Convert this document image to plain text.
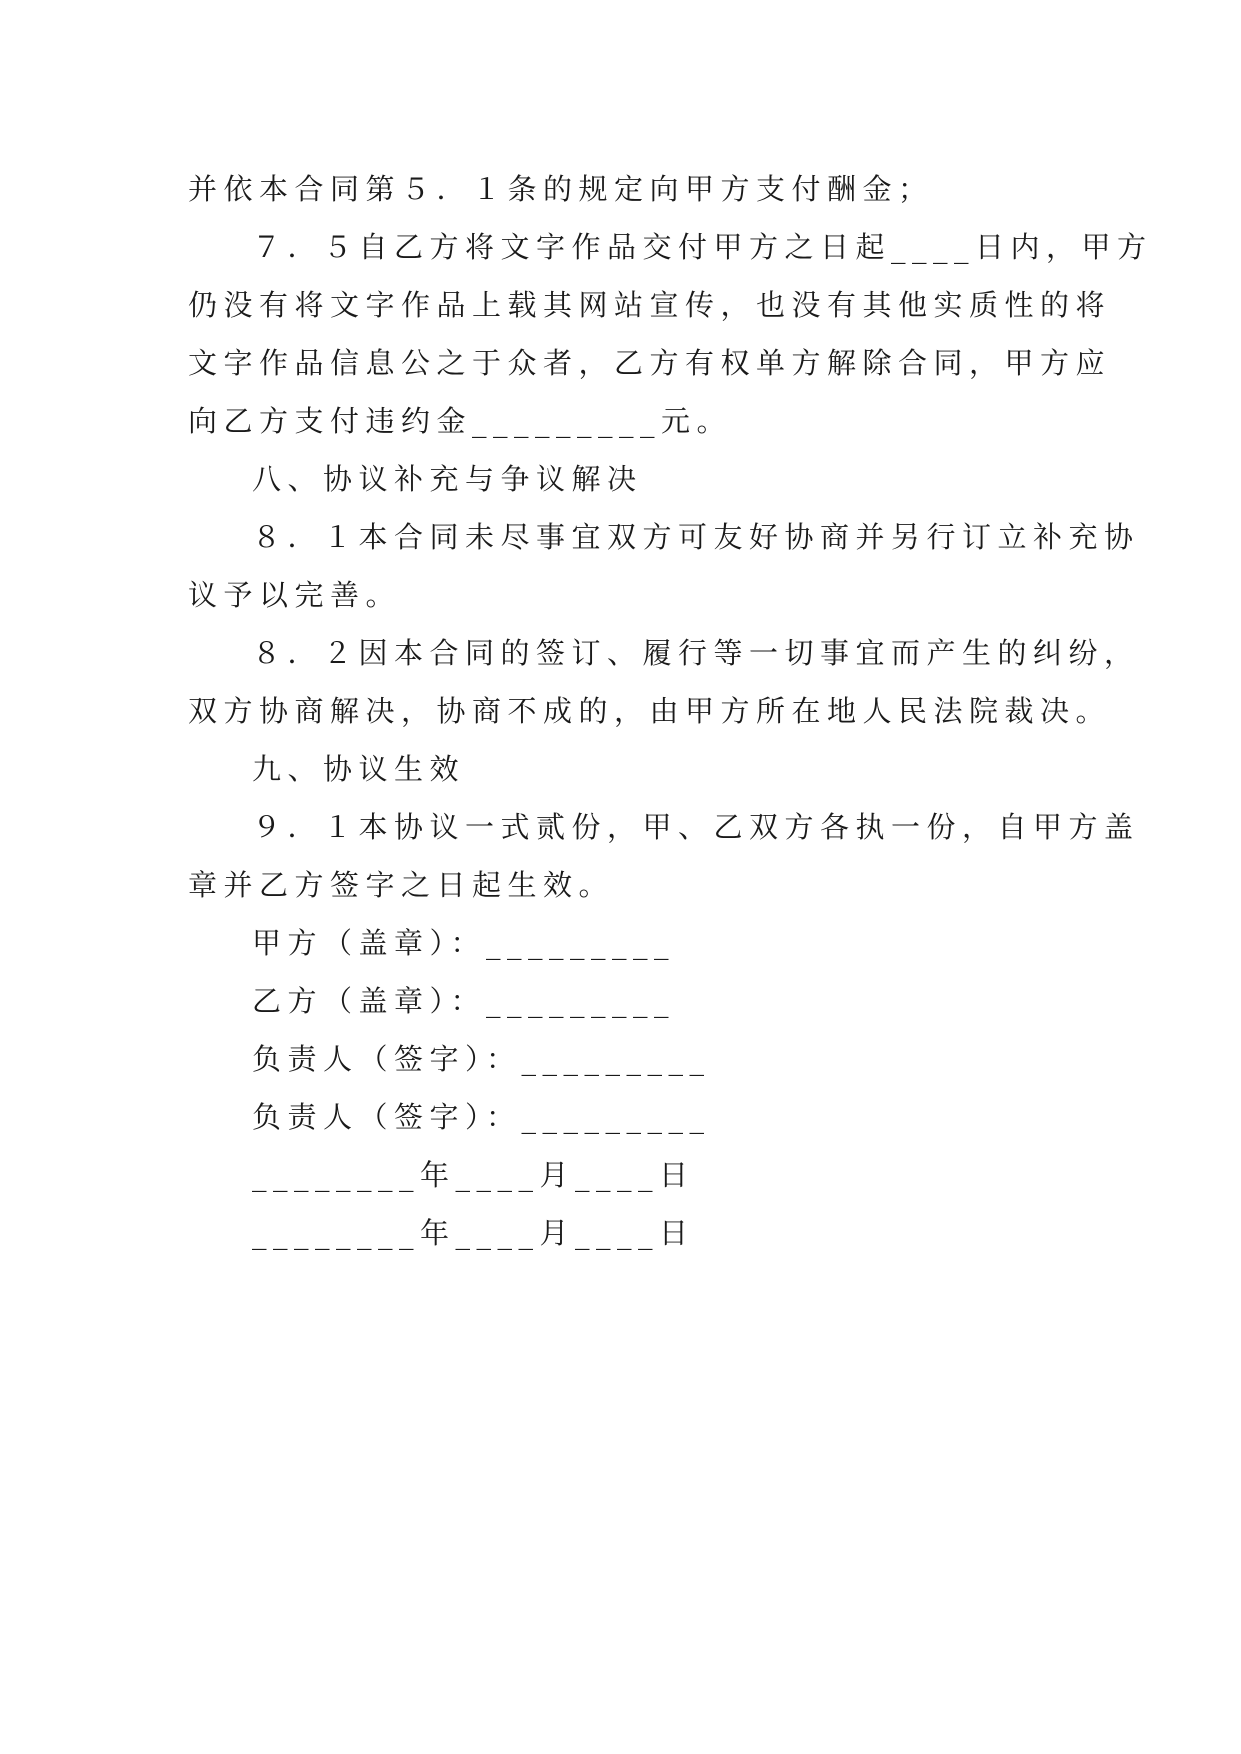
并依本合同第５．１条的规定向甲方支付酬金；
７．５自乙方将文字作品交付甲方之日起____日内，甲方
仍没有将文字作品上载其网站宣传，也没有其他实质性的将
文字作品信息公之于众者，乙方有权单方解除合同，甲方应
向乙方支付违约金_________元。
八、协议补充与争议解决
８．１本合同未尽事宜双方可友好协商并另行订立补充协
议予以完善。
８．２因本合同的签订、履行等一切事宜而产生的纠纷，
双方协商解决，协商不成的，由甲方所在地人民法院裁决。
九、协议生效
９．１本协议一式贰份，甲、乙双方各执一份，自甲方盖
章并乙方签字之日起生效。
甲方（盖章）：_________
乙方（盖章）：_________
负责人（签字）：_________
负责人（签字）：_________
________年____月____日
________年____月____日
